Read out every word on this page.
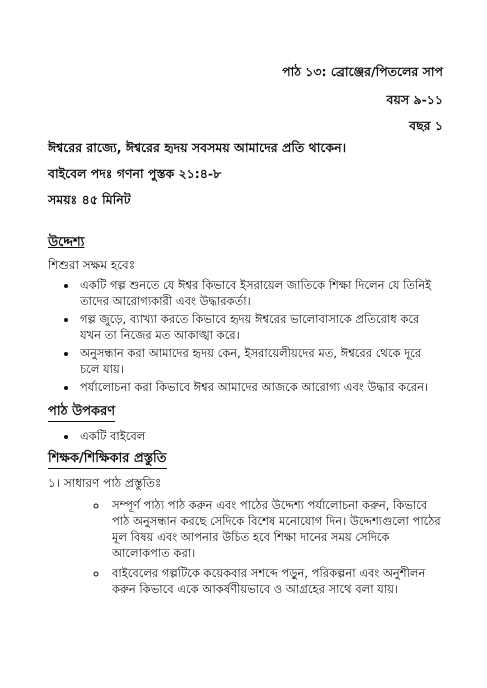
পাঠ ১৩: ব্রোঞ্জের/পিতলের সাপ
বয়স ৯-১১
বছর ১

ঈশ্বরের রাজ্যে, ঈশ্বরের হৃদয় সবসময় আমাদের প্রতি থাকেন।

বাইবেল পদঃ গণনা পুস্তক ২১:৪-৮

সময়ঃ ৪৫ মিনিট

উদ্দেশ্য

শিশুরা সক্ষম হবেঃ

• একটি গল্প শুনতে যে ঈশ্বর কিভাবে ইসরায়েল জাতিকে শিক্ষা দিলেন যে তিনিই তাদের আরোগ্যকারী এবং উদ্ধারকর্তা।
• গল্প জুড়ে, ব্যাখ্যা করতে কিভাবে হৃদয় ঈশ্বরের ভালোবাসাকে প্রতিরোধ করে যখন তা নিজের মত আকাঙ্খা করে।
• অনুসন্ধান করা আমাদের হৃদয় কেন, ইসরায়েলীয়দের মত, ঈশ্বরের থেকে দূরে চলে যায়।
• পর্যালোচনা করা কিভাবে ঈশ্বর আমাদের আজকে আরোগ্য এবং উদ্ধার করেন।
পাঠ উপকরণ
• একটি বাইবেল
শিক্ষক/শিক্ষিকার প্রস্তুতি

১। সাধারণ পাঠ প্রস্তুতিঃ

◦ সম্পূর্ণ পাঠ্য পাঠ করুন এবং পাঠের উদ্দেশ্য পর্যালোচনা করুন, কিভাবে পাঠ অনুসন্ধান করছে সেদিকে বিশেষ মনোযোগ দিন। উদ্দেশ্যগুলো পাঠের মূল বিষয় এবং আপনার উচিত হবে শিক্ষা দানের সময় সেদিকে আলোকপাত করা।
◦ বাইবেলের গল্পটিকে কয়েকবার সশব্দে পড়ুন, পরিকল্পনা এবং অনুশীলন করুন কিভাবে একে আকর্ষণীয়ভাবে ও আগ্রহের সাথে বলা যায়।
